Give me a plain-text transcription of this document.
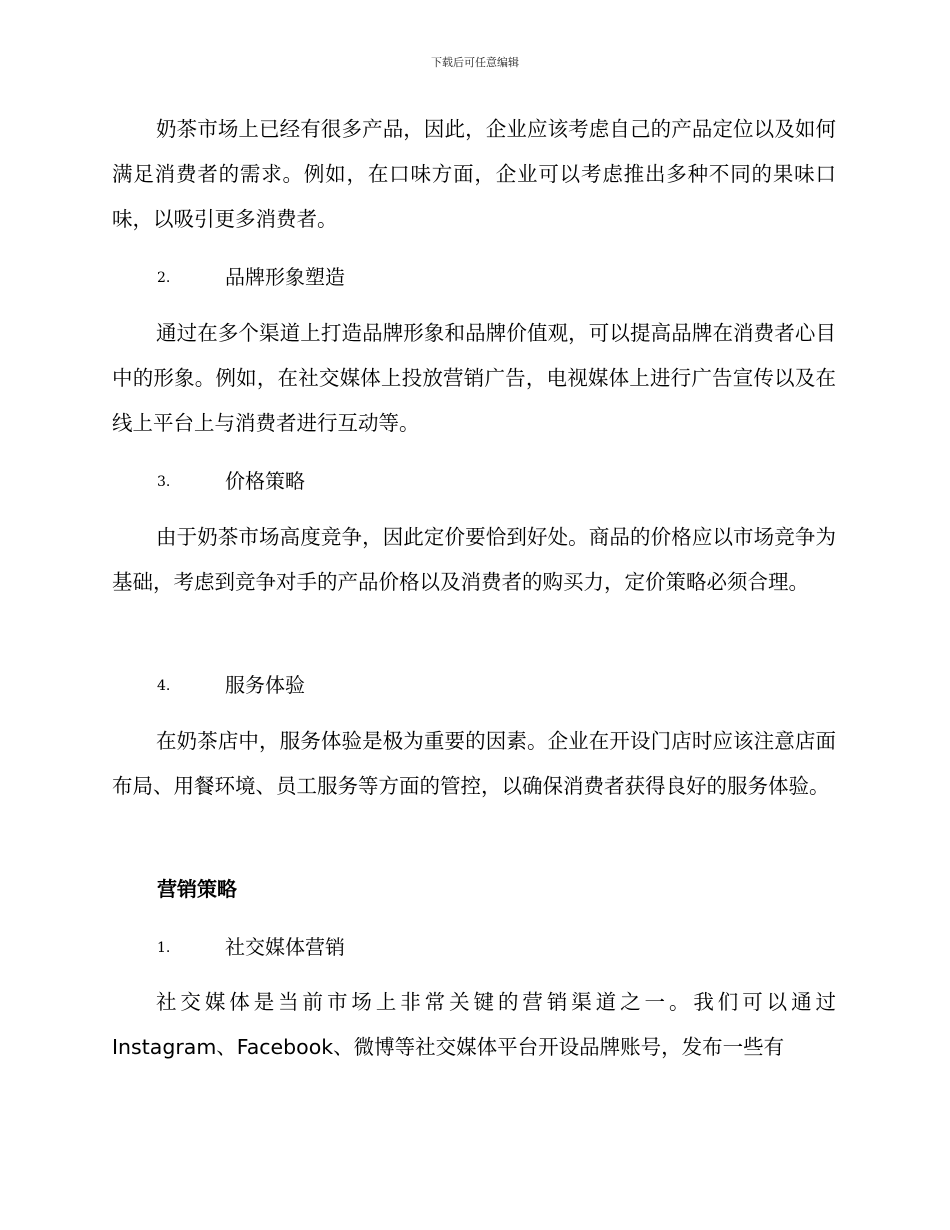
下载后可任意编辑

奶茶市场上已经有很多产品，因此，企业应该考虑自己的产品定位以及如何满足消费者的需求。例如，在口味方面，企业可以考虑推出多种不同的果味口味，以吸引更多消费者。

2.	品牌形象塑造

通过在多个渠道上打造品牌形象和品牌价值观，可以提高品牌在消费者心目中的形象。例如，在社交媒体上投放营销广告，电视媒体上进行广告宣传以及在线上平台上与消费者进行互动等。

3.	价格策略

由于奶茶市场高度竞争，因此定价要恰到好处。商品的价格应以市场竞争为基础，考虑到竞争对手的产品价格以及消费者的购买力，定价策略必须合理。

4.	服务体验

在奶茶店中，服务体验是极为重要的因素。企业在开设门店时应该注意店面布局、用餐环境、员工服务等方面的管控，以确保消费者获得良好的服务体验。

营销策略
1.	社交媒体营销

社交媒体是当前市场上非常关键的营销渠道之一。我们可以通过Instagram、Facebook、微博等社交媒体平台开设品牌账号，发布一些有
